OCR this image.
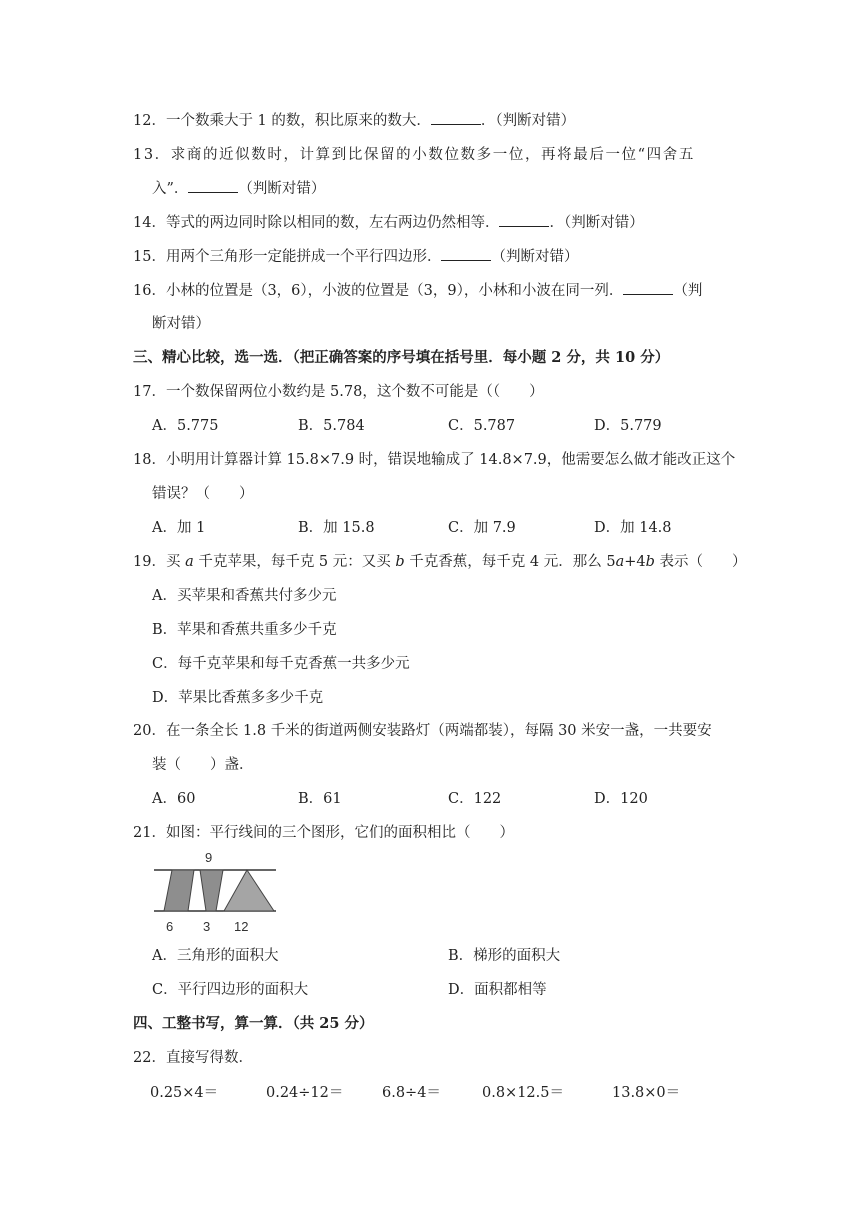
12．一个数乘大于 1 的数，积比原来的数大．	．（判断对错）
13．求商的近似数时，计算到比保留的小数位数多一位，再将最后一位“四舍五
入”．	（判断对错）
14．等式的两边同时除以相同的数，左右两边仍然相等．	．（判断对错）
15．用两个三角形一定能拼成一个平行四边形．	（判断对错）
16．小林的位置是（3，6），小波的位置是（3，9），小林和小波在同一列．	（判
断对错）
三、精心比较，选一选．（把正确答案的序号填在括号里．每小题 2 分，共 10 分）
17．一个数保留两位小数约是 5.78，这个数不可能是（（　　）
A．5.775	B．5.784	C．5.787	D．5.779
18．小明用计算器计算 15.8×7.9 时，错误地输成了 14.8×7.9，他需要怎么做才能改正这个
错误？（　　）
A．加 1	B．加 15.8	C．加 7.9	D．加 14.8
19．买 a 千克苹果，每千克 5 元：又买 b 千克香蕉，每千克 4 元．那么 5a+4b 表示（　　）
A．买苹果和香蕉共付多少元
B．苹果和香蕉共重多少千克
C．每千克苹果和每千克香蕉一共多少元
D．苹果比香蕉多多少千克
20．在一条全长 1.8 千米的街道两侧安装路灯（两端都装），每隔 30 米安一盏，一共要安
装（　　）盏．
A．60	B．61	C．122	D．120
21．如图：平行线间的三个图形，它们的面积相比（　　）
9
6 3 12
A．三角形的面积大	B．梯形的面积大
C．平行四边形的面积大	D．面积都相等
四、工整书写，算一算．（共 25 分）
22．直接写得数．
0.25×4＝	0.24÷12＝	6.8÷4＝	0.8×12.5＝	13.8×0＝
